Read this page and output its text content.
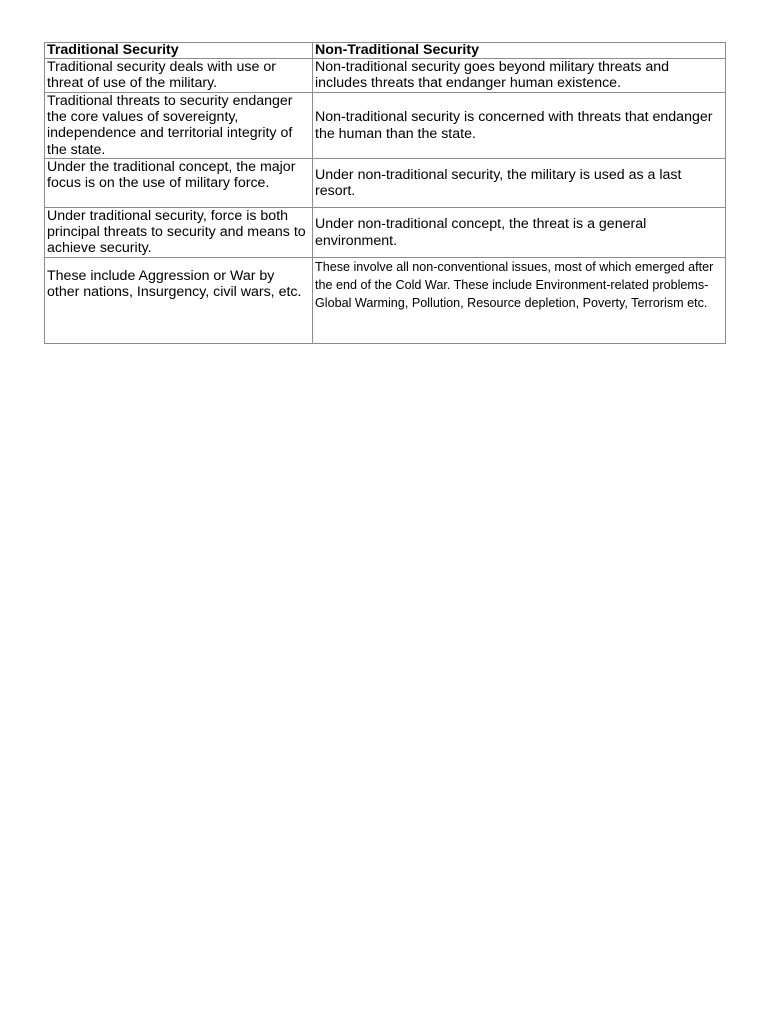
Traditional Security	Non-Traditional Security
Traditional security deals with use or threat of use of the military.	Non-traditional security goes beyond military threats and includes threats that endanger human existence.
Traditional threats to security endanger the core values of sovereignty, independence and territorial integrity of the state.	Non-traditional security is concerned with threats that endanger the human than the state.
Under the traditional concept, the major focus is on the use of military force.	Under non-traditional security, the military is used as a last resort.
Under traditional security, force is both principal threats to security and means to achieve security.	Under non-traditional concept, the threat is a general environment.
These include Aggression or War by other nations, Insurgency, civil wars, etc.	These involve all non-conventional issues, most of which emerged after the end of the Cold War. These include Environment-related problems- Global Warming, Pollution, Resource depletion, Poverty, Terrorism etc.
